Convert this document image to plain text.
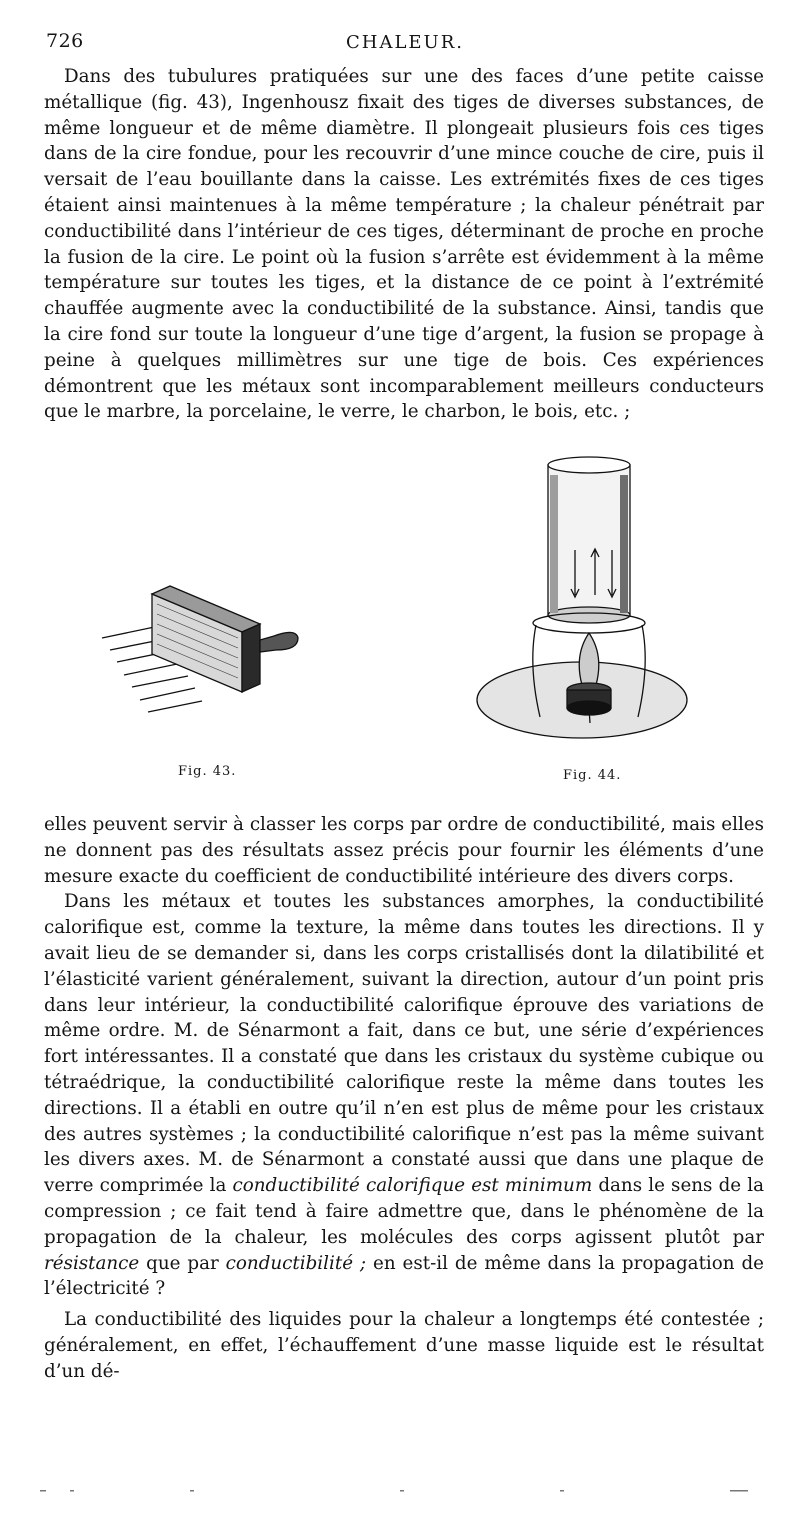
726	CHALEUR.

Dans des tubulures pratiquées sur une des faces d’une petite caisse métallique (fig. 43), Ingenhousz fixait des tiges de diverses substances, de même longueur et de même diamètre. Il plongeait plusieurs fois ces tiges dans de la cire fondue, pour les recouvrir d’une mince couche de cire, puis il versait de l’eau bouillante dans la caisse. Les extrémités fixes de ces tiges étaient ainsi maintenues à la même température ; la chaleur pénétrait par conductibilité dans l’intérieur de ces tiges, déterminant de proche en proche la fusion de la cire. Le point où la fusion s’arrête est évidemment à la même température sur toutes les tiges, et la distance de ce point à l’extrémité chauffée augmente avec la conductibilité de la substance. Ainsi, tandis que la cire fond sur toute la longueur d’une tige d’argent, la fusion se propage à peine à quelques millimètres sur une tige de bois. Ces expériences démontrent que les métaux sont incomparablement meilleurs conducteurs que le marbre, la porcelaine, le verre, le charbon, le bois, etc. ;

Fig. 43.	Fig. 44.

elles peuvent servir à classer les corps par ordre de conductibilité, mais elles ne donnent pas des résultats assez précis pour fournir les éléments d’une mesure exacte du coefficient de conductibilité intérieure des divers corps.

Dans les métaux et toutes les substances amorphes, la conductibilité calorifique est, comme la texture, la même dans toutes les directions. Il y avait lieu de se demander si, dans les corps cristallisés dont la dilatibilité et l’élasticité varient généralement, suivant la direction, autour d’un point pris dans leur intérieur, la conductibilité calorifique éprouve des variations de même ordre. M. de Sénarmont a fait, dans ce but, une série d’expériences fort intéressantes. Il a constaté que dans les cristaux du système cubique ou tétraédrique, la conductibilité calorifique reste la même dans toutes les directions. Il a établi en outre qu’il n’en est plus de même pour les cristaux des autres systèmes ; la conductibilité calorifique n’est pas la même suivant les divers axes. M. de Sénarmont a constaté aussi que dans une plaque de verre comprimée la conductibilité calorifique est minimum dans le sens de la compression ; ce fait tend à faire admettre que, dans le phénomène de la propagation de la chaleur, les molécules des corps agissent plutôt par résistance que par conductibilité ; en est-il de même dans la propagation de l’électricité ?

La conductibilité des liquides pour la chaleur a longtemps été contestée ; généralement, en effet, l’échauffement d’une masse liquide est le résultat d’un dé-
